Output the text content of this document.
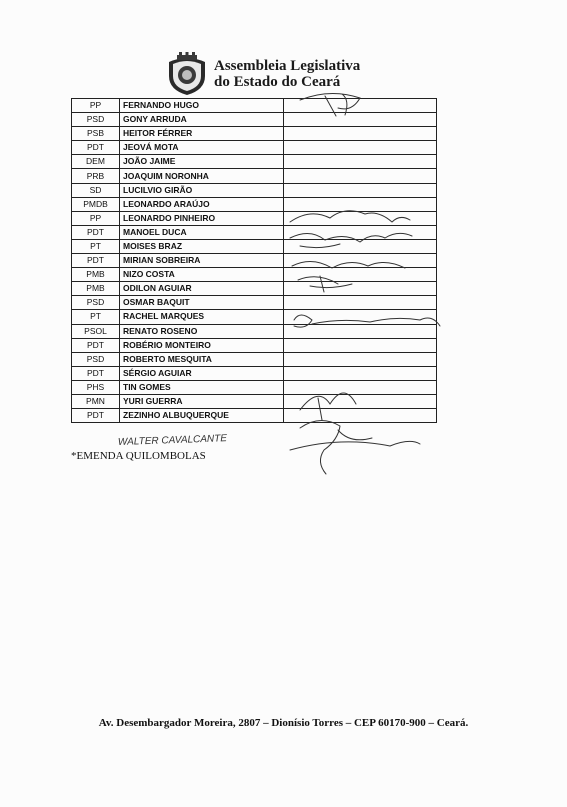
Assembleia Legislativa
do Estado do Ceará
PP	FERNANDO HUGO	
PSD	GONY ARRUDA	
PSB	HEITOR FÉRRER	
PDT	JEOVÁ MOTA	
DEM	JOÃO JAIME	
PRB	JOAQUIM NORONHA	
SD	LUCILVIO GIRÃO	
PMDB	LEONARDO ARAÚJO	
PP	LEONARDO PINHEIRO	
PDT	MANOEL DUCA	
PT	MOISES BRAZ	
PDT	MIRIAN SOBREIRA	
PMB	NIZO COSTA	
PMB	ODILON AGUIAR	
PSD	OSMAR BAQUIT	
PT	RACHEL MARQUES	
PSOL	RENATO ROSENO	
PDT	ROBÉRIO MONTEIRO	
PSD	ROBERTO MESQUITA	
PDT	SÉRGIO AGUIAR	
PHS	TIN GOMES	
PMN	YURI GUERRA	
PDT	ZEZINHO ALBUQUERQUE	
WALTER CAVALCANTE
*EMENDA QUILOMBOLAS
Av. Desembargador Moreira, 2807 – Dionísio Torres – CEP 60170-900 – Ceará.
